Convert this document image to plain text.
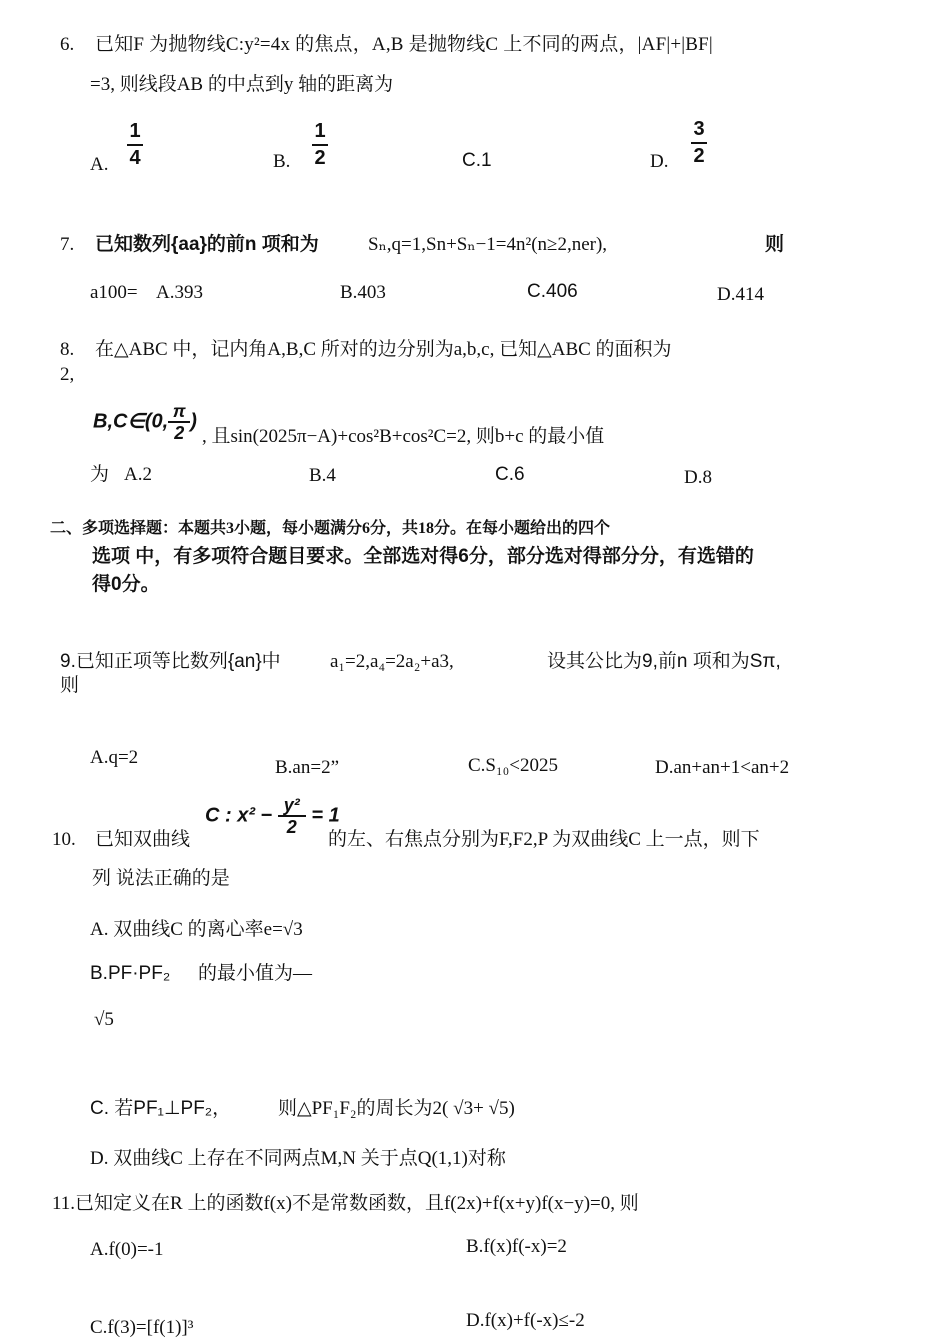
6. 已知F 为抛物线C:y²=4x 的焦点，A,B 是抛物线C 上不同的两点，|AF|+|BF|
=3, 则线段AB 的中点到y 轴的距离为
A.
1
4	B.
1
2	C.1	D.
3
2
7. 已知数列{aa}的前n 项和为	Sₙ,q=1,Sn+Sₙ−1=4n²(n≥2,ner),	则
a100= A.393	B.403	C.406	D.414
8. 在△ABC 中，记内角A,B,C 所对的边分别为a,b,c, 已知△ABC 的面积为
2,
B,C∈(0, $\frac{\pi}{2}$ )
, 且sin(2025π−A)+cos²B+cos²C=2, 则b+c 的最小值
为 A.2	B.4	C.6	D.8
二、多项选择题：本题共3小题，每小题满分6分，共18分。在每小题给出的四个
选项 中，有多项符合题目要求。全部选对得6分，部分选对得部分分，有选错的
得0分。
9.已知正项等比数列{an}中	a₁=2,a₄=2a₂+a3,	设其公比为9,前n 项和为Sπ,
则
A.q=2	B.an=2”	C.S₁₀<2025	D.an+an+1<an+2
10. 已知双曲线
C : $x^2 - \frac{\text{y²}}{2} = 1$
的左、右焦点分别为F,F2,P 为双曲线C 上一点，则下
列 说法正确的是
A. 双曲线C 的离心率e=√3
B.PF·PF₂ 的最小值为—
√5
C. 若PF₁⊥PF₂， 则△PF₁F₂的周长为2( √3+ √5)
D. 双曲线C 上存在不同两点M,N 关于点Q(1,1)对称
11.已知定义在R 上的函数f(x)不是常数函数，且f(2x)+f(x+y)f(x−y)=0, 则
A.f(0)=-1	B.f(x)f(-x)=2
C.f(3)=[f(1)]³	D.f(x)+f(-x)≤-2
